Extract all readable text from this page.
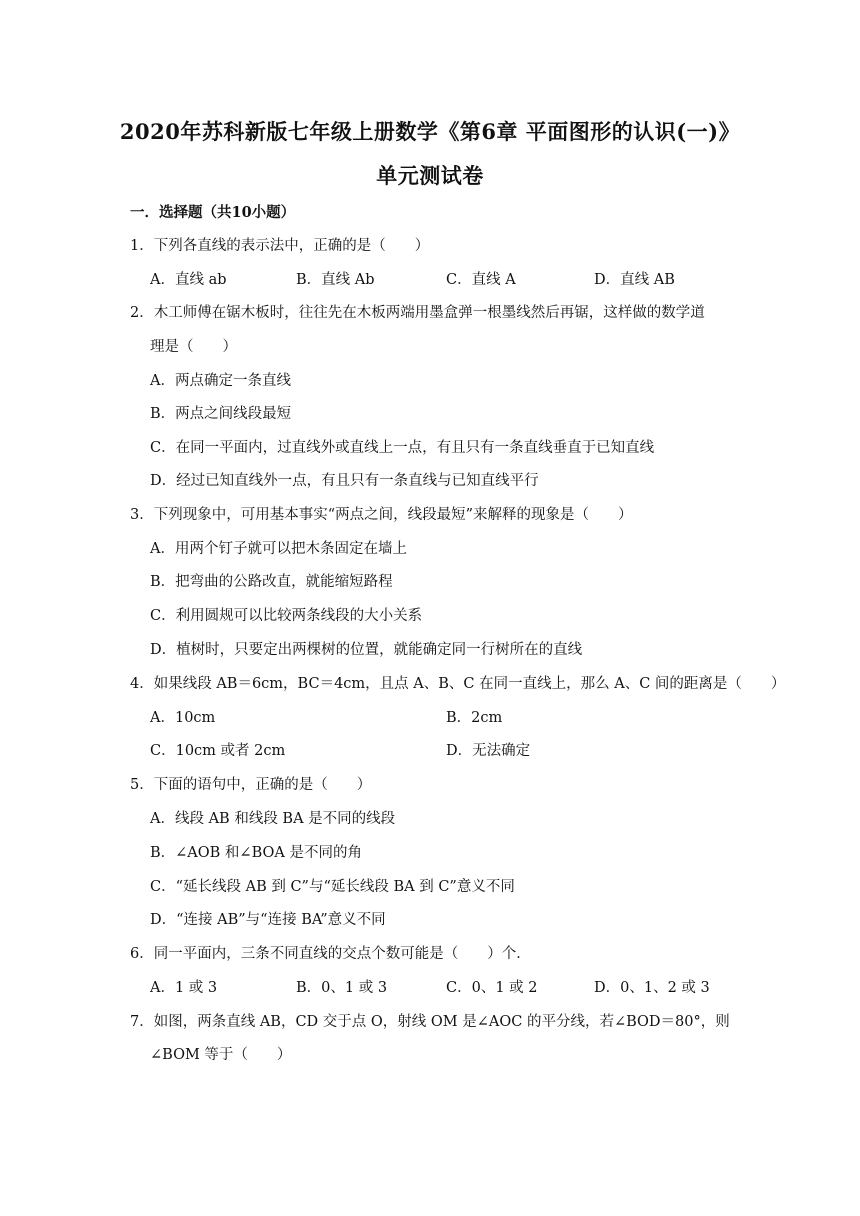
2020年苏科新版七年级上册数学《第6章 平面图形的认识(一)》
单元测试卷
一．选择题（共10小题）
1．下列各直线的表示法中，正确的是（　　）
A．直线 ab	B．直线 Ab	C．直线 A	D．直线 AB
2．木工师傅在锯木板时，往往先在木板两端用墨盒弹一根墨线然后再锯，这样做的数学道
理是（　　）
A．两点确定一条直线
B．两点之间线段最短
C．在同一平面内，过直线外或直线上一点，有且只有一条直线垂直于已知直线
D．经过已知直线外一点，有且只有一条直线与已知直线平行
3．下列现象中，可用基本事实“两点之间，线段最短”来解释的现象是（　　）
A．用两个钉子就可以把木条固定在墙上
B．把弯曲的公路改直，就能缩短路程
C．利用圆规可以比较两条线段的大小关系
D．植树时，只要定出两棵树的位置，就能确定同一行树所在的直线
4．如果线段 AB＝6cm，BC＝4cm，且点 A、B、C 在同一直线上，那么 A、C 间的距离是（　　）
A．10cm	B．2cm
C．10cm 或者 2cm	D．无法确定
5．下面的语句中，正确的是（　　）
A．线段 AB 和线段 BA 是不同的线段
B．∠AOB 和∠BOA 是不同的角
C．“延长线段 AB 到 C”与“延长线段 BA 到 C”意义不同
D．“连接 AB”与“连接 BA”意义不同
6．同一平面内，三条不同直线的交点个数可能是（　　）个．
A．1 或 3	B．0、1 或 3	C．0、1 或 2	D．0、1、2 或 3
7．如图，两条直线 AB，CD 交于点 O，射线 OM 是∠AOC 的平分线，若∠BOD＝80°，则
∠BOM 等于（　　）
